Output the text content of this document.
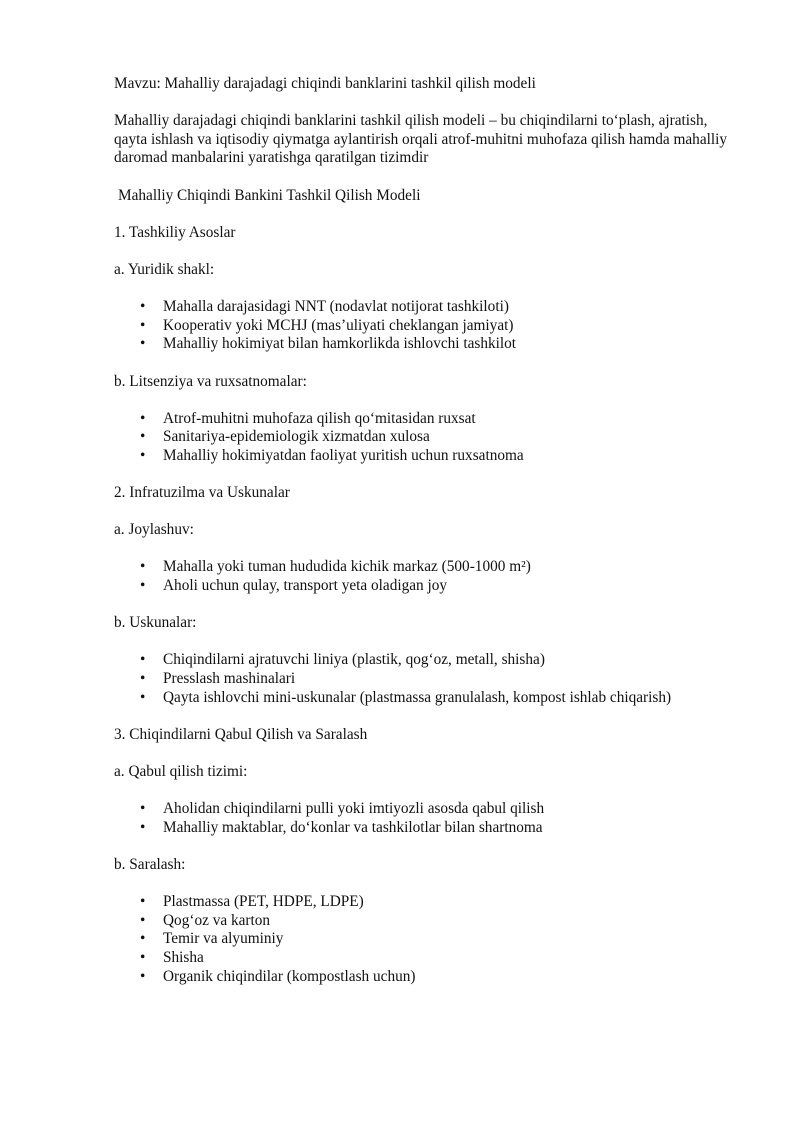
Mavzu: Mahalliy darajadagi chiqindi banklarini tashkil qilish modeli

Mahalliy darajadagi chiqindi banklarini tashkil qilish modeli – bu chiqindilarni to‘plash, ajratish, qayta ishlash va iqtisodiy qiymatga aylantirish orqali atrof-muhitni muhofaza qilish hamda mahalliy daromad manbalarini yaratishga qaratilgan tizimdir

Mahalliy Chiqindi Bankini Tashkil Qilish Modeli

1. Tashkiliy Asoslar

a. Yuridik shakl:

• Mahalla darajasidagi NNT (nodavlat notijorat tashkiloti)
• Kooperativ yoki MCHJ (mas’uliyati cheklangan jamiyat)
• Mahalliy hokimiyat bilan hamkorlikda ishlovchi tashkilot

b. Litsenziya va ruxsatnomalar:

• Atrof-muhitni muhofaza qilish qo‘mitasidan ruxsat
• Sanitariya-epidemiologik xizmatdan xulosa
• Mahalliy hokimiyatdan faoliyat yuritish uchun ruxsatnoma

2. Infratuzilma va Uskunalar

a. Joylashuv:

• Mahalla yoki tuman hududida kichik markaz (500-1000 m²)
• Aholi uchun qulay, transport yeta oladigan joy

b. Uskunalar:

• Chiqindilarni ajratuvchi liniya (plastik, qog‘oz, metall, shisha)
• Presslash mashinalari
• Qayta ishlovchi mini-uskunalar (plastmassa granulalash, kompost ishlab chiqarish)

3. Chiqindilarni Qabul Qilish va Saralash

a. Qabul qilish tizimi:

• Aholidan chiqindilarni pulli yoki imtiyozli asosda qabul qilish
• Mahalliy maktablar, do‘konlar va tashkilotlar bilan shartnoma

b. Saralash:

• Plastmassa (PET, HDPE, LDPE)
• Qog‘oz va karton
• Temir va alyuminiy
• Shisha
• Organik chiqindilar (kompostlash uchun)
